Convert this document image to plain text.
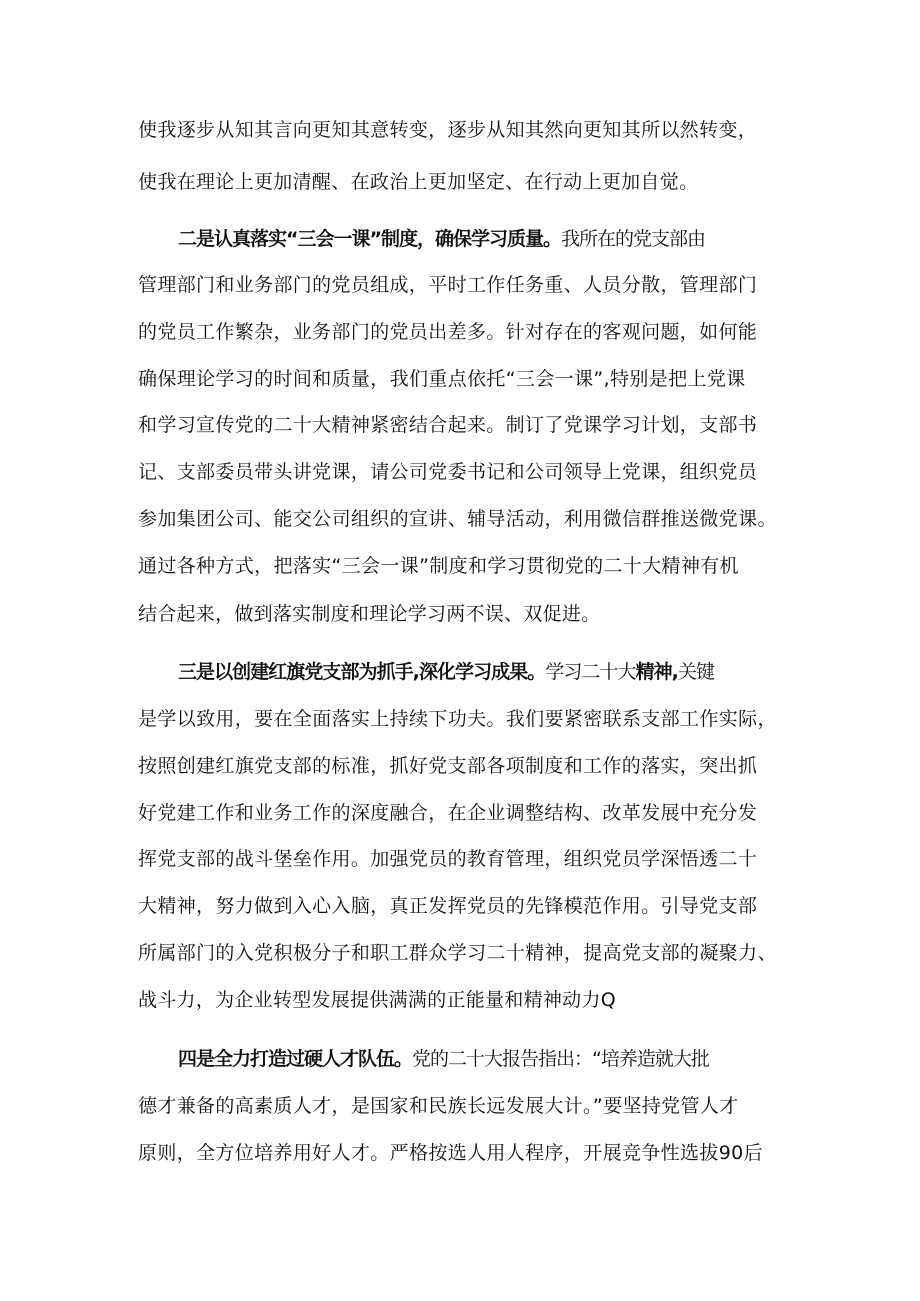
使我逐步从知其言向更知其意转变，逐步从知其然向更知其所以然转变，
使我在理论上更加清醒、在政治上更加坚定、在行动上更加自觉。
二是认真落实“三会一课”制度，确保学习质量。我所在的党支部由
管理部门和业务部门的党员组成，平时工作任务重、人员分散，管理部门
的党员工作繁杂，业务部门的党员出差多。针对存在的客观问题，如何能
确保理论学习的时间和质量，我们重点依托“三会一课”,特别是把上党课
和学习宣传党的二十大精神紧密结合起来。制订了党课学习计划，支部书
记、支部委员带头讲党课，请公司党委书记和公司领导上党课，组织党员
参加集团公司、能交公司组织的宣讲、辅导活动，利用微信群推送微党课。
通过各种方式，把落实“三会一课”制度和学习贯彻党的二十大精神有机
结合起来，做到落实制度和理论学习两不误、双促进。
三是以创建红旗党支部为抓手,深化学习成果。学习二十大精神,关键
是学以致用，要在全面落实上持续下功夫。我们要紧密联系支部工作实际，
按照创建红旗党支部的标准，抓好党支部各项制度和工作的落实，突出抓
好党建工作和业务工作的深度融合，在企业调整结构、改革发展中充分发
挥党支部的战斗堡垒作用。加强党员的教育管理，组织党员学深悟透二十
大精神，努力做到入心入脑，真正发挥党员的先锋模范作用。引导党支部
所属部门的入党积极分子和职工群众学习二十精神，提高党支部的凝聚力、
战斗力，为企业转型发展提供满满的正能量和精神动力Q
四是全力打造过硬人才队伍。党的二十大报告指出：“培养造就大批
德才兼备的高素质人才，是国家和民族长远发展大计。”要坚持党管人才
原则，全方位培养用好人才。严格按选人用人程序，开展竞争性选拔90后
